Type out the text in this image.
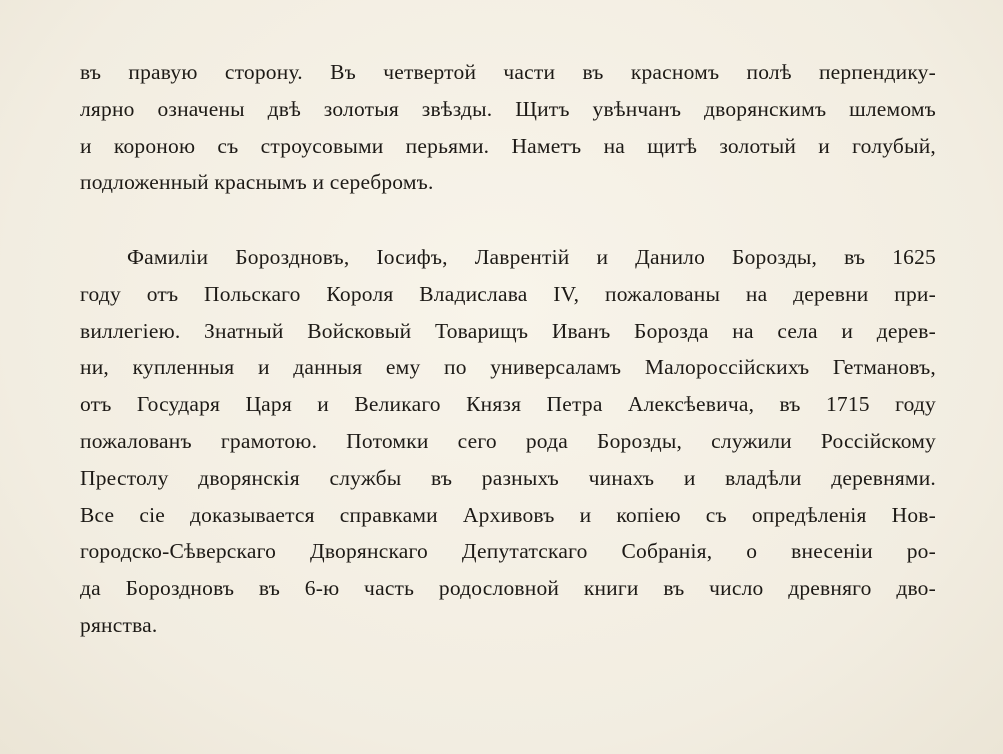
въ правую сторону. Въ четвертой части въ красномъ полѣ перпендику-
лярно означены двѣ золотыя звѣзды. Щитъ увѣнчанъ дворянскимъ шлемомъ
и короною съ строусовыми перьями. Наметъ на щитѣ золотый и голубый,
подложенный краснымъ и серебромъ.
Фамиліи Бороздновъ, Іосифъ, Лаврентій и Данило Борозды, въ 1625
году отъ Польскаго Короля Владислава IV, пожалованы на деревни при-
виллегіею. Знатный Войсковый Товарищъ Иванъ Борозда на села и дерев-
ни, купленныя и данныя ему по универсаламъ Малороссійскихъ Гетмановъ,
отъ Государя Царя и Великаго Князя Петра Алексѣевича, въ 1715 году
пожалованъ грамотою. Потомки сего рода Борозды, служили Россійскому
Престолу дворянскія службы въ разныхъ чинахъ и владѣли деревнями.
Все сіе доказывается справками Архивовъ и копіею съ опредѣленія Нов-
городско-Сѣверскаго Дворянскаго Депутатскаго Собранія, о внесеніи ро-
да Бороздновъ въ 6-ю часть родословной книги въ число древняго дво-
рянства.
